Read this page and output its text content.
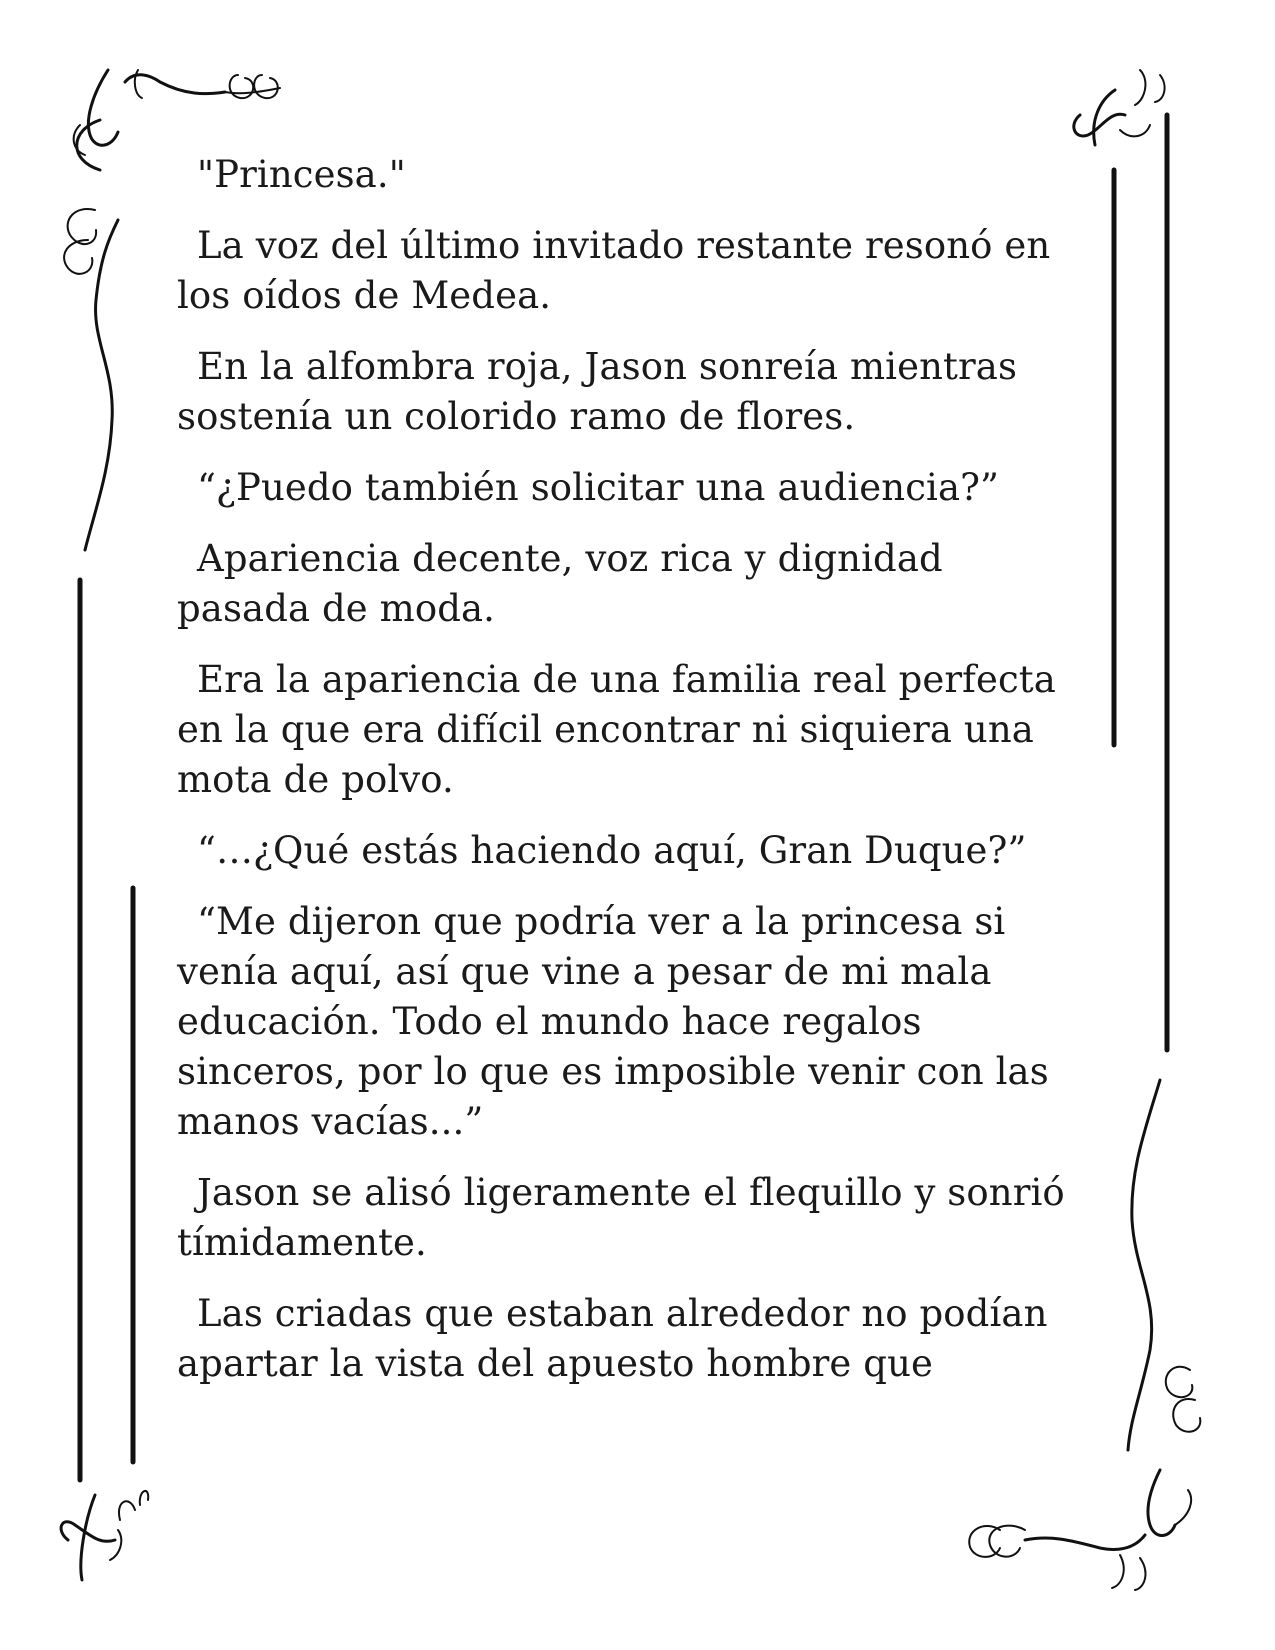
"Princesa."

La voz del último invitado restante resonó en los oídos de Medea.

En la alfombra roja, Jason sonreía mientras sostenía un colorido ramo de flores.

“¿Puedo también solicitar una audiencia?”

Apariencia decente, voz rica y dignidad pasada de moda.

Era la apariencia de una familia real perfecta en la que era difícil encontrar ni siquiera una mota de polvo.

“…¿Qué estás haciendo aquí, Gran Duque?”

“Me dijeron que podría ver a la princesa si venía aquí, así que vine a pesar de mi mala educación. Todo el mundo hace regalos sinceros, por lo que es imposible venir con las manos vacías...”

Jason se alisó ligeramente el flequillo y sonrió tímidamente.

Las criadas que estaban alrededor no podían apartar la vista del apuesto hombre que
